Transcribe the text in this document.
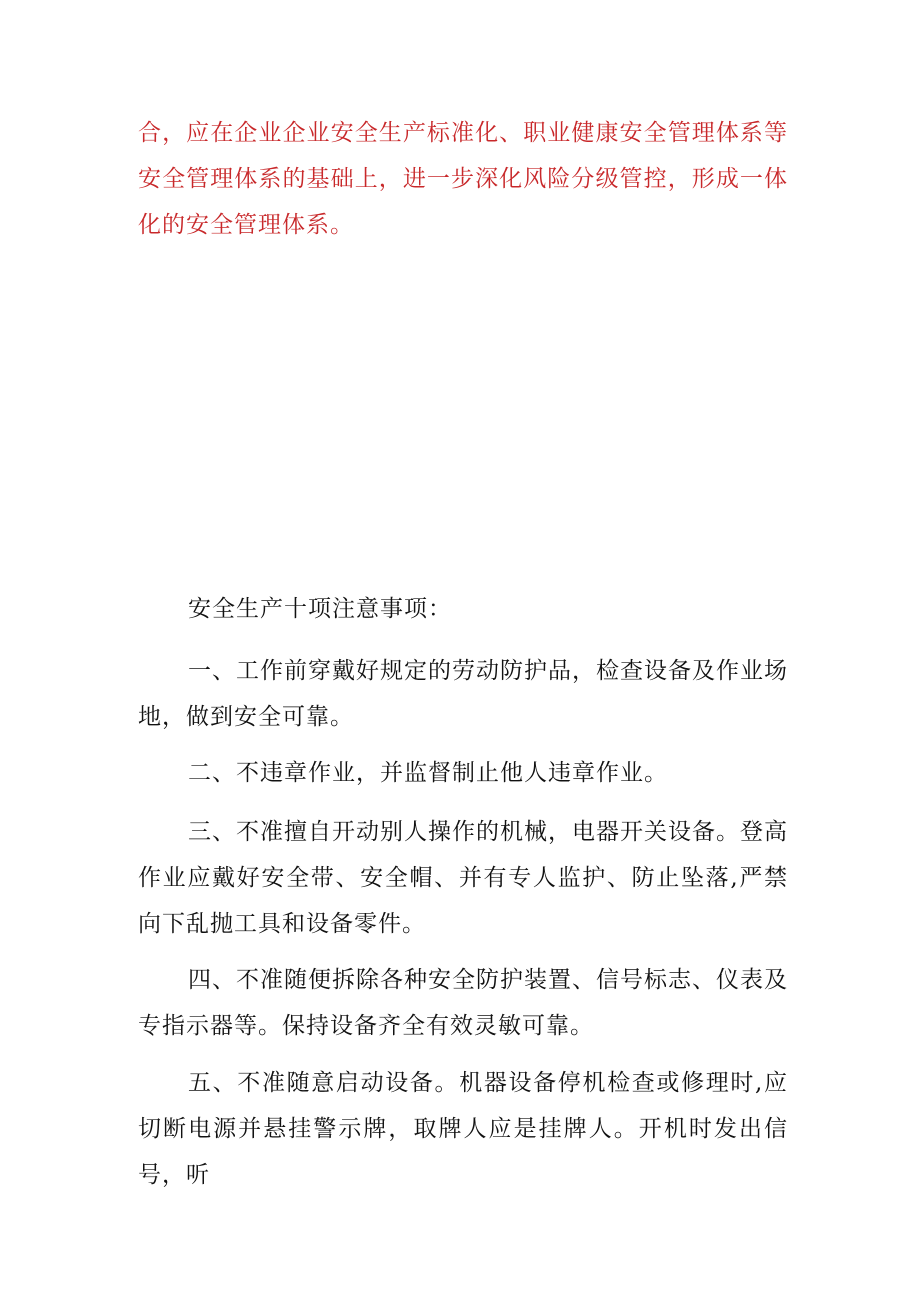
合，应在企业企业安全生产标准化、职业健康安全管理体系等安全管理体系的基础上，进一步深化风险分级管控，形成一体化的安全管理体系。

安全生产十项注意事项：

一、工作前穿戴好规定的劳动防护品，检查设备及作业场地，做到安全可靠。

二、不违章作业，并监督制止他人违章作业。

三、不准擅自开动别人操作的机械，电器开关设备。登高作业应戴好安全带、安全帽、并有专人监护、防止坠落,严禁向下乱抛工具和设备零件。

四、不准随便拆除各种安全防护装置、信号标志、仪表及专指示器等。保持设备齐全有效灵敏可靠。

五、不准随意启动设备。机器设备停机检查或修理时,应切断电源并悬挂警示牌，取牌人应是挂牌人。开机时发出信号，听
